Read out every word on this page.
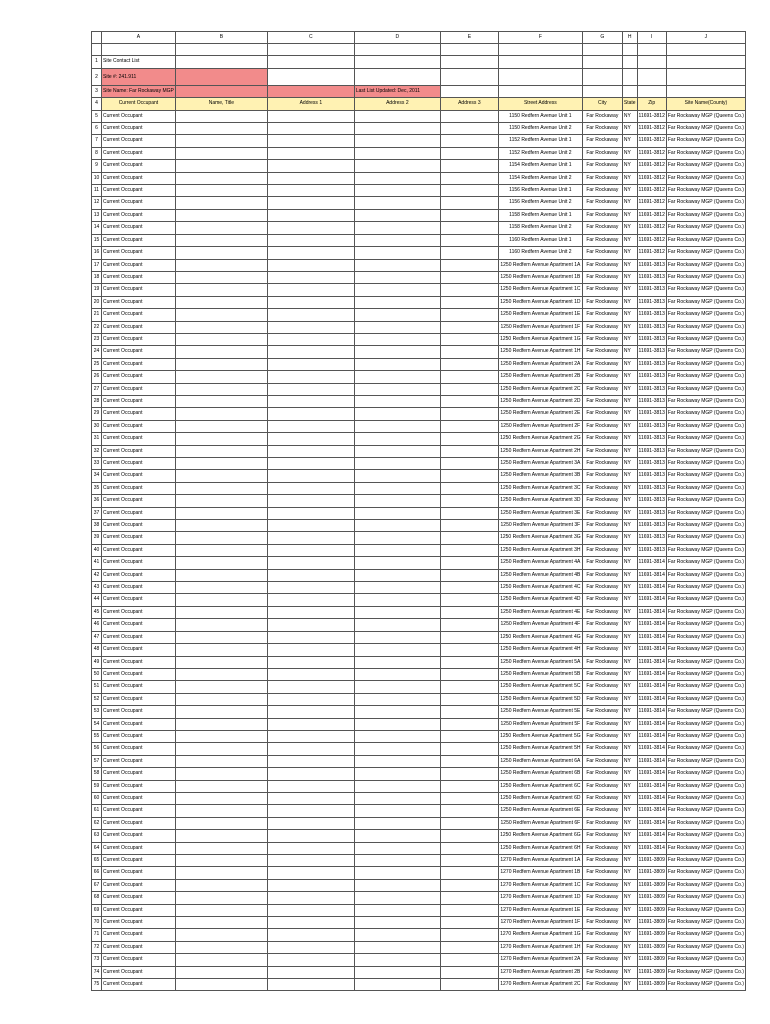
	A	B	C	D	E	F	G	H	I	J

1	Site Contact List									
2	Site #: 241.911									
3	Site Name: Far Rockaway MGP			Last List Updated: Dec, 2011						
4	Current Occupant	Name, Title	Address 1	Address 2	Address 3	Street Address	City	State	Zip	Site Name(County)
5	Current Occupant					1150 Redfern Avenue Unit 1	Far Rockaway	NY	11691-3812	Far Rockaway MGP (Queens Co.)
6	Current Occupant					1150 Redfern Avenue Unit 2	Far Rockaway	NY	11691-3812	Far Rockaway MGP (Queens Co.)
7	Current Occupant					1152 Redfern Avenue Unit 1	Far Rockaway	NY	11691-3812	Far Rockaway MGP (Queens Co.)
8	Current Occupant					1152 Redfern Avenue Unit 2	Far Rockaway	NY	11691-3812	Far Rockaway MGP (Queens Co.)
9	Current Occupant					1154 Redfern Avenue Unit 1	Far Rockaway	NY	11691-3812	Far Rockaway MGP (Queens Co.)
10	Current Occupant					1154 Redfern Avenue Unit 2	Far Rockaway	NY	11691-3812	Far Rockaway MGP (Queens Co.)
11	Current Occupant					1156 Redfern Avenue Unit 1	Far Rockaway	NY	11691-3812	Far Rockaway MGP (Queens Co.)
12	Current Occupant					1156 Redfern Avenue Unit 2	Far Rockaway	NY	11691-3812	Far Rockaway MGP (Queens Co.)
13	Current Occupant					1158 Redfern Avenue Unit 1	Far Rockaway	NY	11691-3812	Far Rockaway MGP (Queens Co.)
14	Current Occupant					1158 Redfern Avenue Unit 2	Far Rockaway	NY	11691-3812	Far Rockaway MGP (Queens Co.)
15	Current Occupant					1160 Redfern Avenue Unit 1	Far Rockaway	NY	11691-3812	Far Rockaway MGP (Queens Co.)
16	Current Occupant					1160 Redfern Avenue Unit 2	Far Rockaway	NY	11691-3812	Far Rockaway MGP (Queens Co.)
17	Current Occupant					1250 Redfern Avenue Apartment 1A	Far Rockaway	NY	11691-3813	Far Rockaway MGP (Queens Co.)
18	Current Occupant					1250 Redfern Avenue Apartment 1B	Far Rockaway	NY	11691-3813	Far Rockaway MGP (Queens Co.)
19	Current Occupant					1250 Redfern Avenue Apartment 1C	Far Rockaway	NY	11691-3813	Far Rockaway MGP (Queens Co.)
20	Current Occupant					1250 Redfern Avenue Apartment 1D	Far Rockaway	NY	11691-3813	Far Rockaway MGP (Queens Co.)
21	Current Occupant					1250 Redfern Avenue Apartment 1E	Far Rockaway	NY	11691-3813	Far Rockaway MGP (Queens Co.)
22	Current Occupant					1250 Redfern Avenue Apartment 1F	Far Rockaway	NY	11691-3813	Far Rockaway MGP (Queens Co.)
23	Current Occupant					1250 Redfern Avenue Apartment 1G	Far Rockaway	NY	11691-3813	Far Rockaway MGP (Queens Co.)
24	Current Occupant					1250 Redfern Avenue Apartment 1H	Far Rockaway	NY	11691-3813	Far Rockaway MGP (Queens Co.)
25	Current Occupant					1250 Redfern Avenue Apartment 2A	Far Rockaway	NY	11691-3813	Far Rockaway MGP (Queens Co.)
26	Current Occupant					1250 Redfern Avenue Apartment 2B	Far Rockaway	NY	11691-3813	Far Rockaway MGP (Queens Co.)
27	Current Occupant					1250 Redfern Avenue Apartment 2C	Far Rockaway	NY	11691-3813	Far Rockaway MGP (Queens Co.)
28	Current Occupant					1250 Redfern Avenue Apartment 2D	Far Rockaway	NY	11691-3813	Far Rockaway MGP (Queens Co.)
29	Current Occupant					1250 Redfern Avenue Apartment 2E	Far Rockaway	NY	11691-3813	Far Rockaway MGP (Queens Co.)
30	Current Occupant					1250 Redfern Avenue Apartment 2F	Far Rockaway	NY	11691-3813	Far Rockaway MGP (Queens Co.)
31	Current Occupant					1250 Redfern Avenue Apartment 2G	Far Rockaway	NY	11691-3813	Far Rockaway MGP (Queens Co.)
32	Current Occupant					1250 Redfern Avenue Apartment 2H	Far Rockaway	NY	11691-3813	Far Rockaway MGP (Queens Co.)
33	Current Occupant					1250 Redfern Avenue Apartment 3A	Far Rockaway	NY	11691-3813	Far Rockaway MGP (Queens Co.)
34	Current Occupant					1250 Redfern Avenue Apartment 3B	Far Rockaway	NY	11691-3813	Far Rockaway MGP (Queens Co.)
35	Current Occupant					1250 Redfern Avenue Apartment 3C	Far Rockaway	NY	11691-3813	Far Rockaway MGP (Queens Co.)
36	Current Occupant					1250 Redfern Avenue Apartment 3D	Far Rockaway	NY	11691-3813	Far Rockaway MGP (Queens Co.)
37	Current Occupant					1250 Redfern Avenue Apartment 3E	Far Rockaway	NY	11691-3813	Far Rockaway MGP (Queens Co.)
38	Current Occupant					1250 Redfern Avenue Apartment 3F	Far Rockaway	NY	11691-3813	Far Rockaway MGP (Queens Co.)
39	Current Occupant					1250 Redfern Avenue Apartment 3G	Far Rockaway	NY	11691-3813	Far Rockaway MGP (Queens Co.)
40	Current Occupant					1250 Redfern Avenue Apartment 3H	Far Rockaway	NY	11691-3813	Far Rockaway MGP (Queens Co.)
41	Current Occupant					1250 Redfern Avenue Apartment 4A	Far Rockaway	NY	11691-3814	Far Rockaway MGP (Queens Co.)
42	Current Occupant					1250 Redfern Avenue Apartment 4B	Far Rockaway	NY	11691-3814	Far Rockaway MGP (Queens Co.)
43	Current Occupant					1250 Redfern Avenue Apartment 4C	Far Rockaway	NY	11691-3814	Far Rockaway MGP (Queens Co.)
44	Current Occupant					1250 Redfern Avenue Apartment 4D	Far Rockaway	NY	11691-3814	Far Rockaway MGP (Queens Co.)
45	Current Occupant					1250 Redfern Avenue Apartment 4E	Far Rockaway	NY	11691-3814	Far Rockaway MGP (Queens Co.)
46	Current Occupant					1250 Redfern Avenue Apartment 4F	Far Rockaway	NY	11691-3814	Far Rockaway MGP (Queens Co.)
47	Current Occupant					1250 Redfern Avenue Apartment 4G	Far Rockaway	NY	11691-3814	Far Rockaway MGP (Queens Co.)
48	Current Occupant					1250 Redfern Avenue Apartment 4H	Far Rockaway	NY	11691-3814	Far Rockaway MGP (Queens Co.)
49	Current Occupant					1250 Redfern Avenue Apartment 5A	Far Rockaway	NY	11691-3814	Far Rockaway MGP (Queens Co.)
50	Current Occupant					1250 Redfern Avenue Apartment 5B	Far Rockaway	NY	11691-3814	Far Rockaway MGP (Queens Co.)
51	Current Occupant					1250 Redfern Avenue Apartment 5C	Far Rockaway	NY	11691-3814	Far Rockaway MGP (Queens Co.)
52	Current Occupant					1250 Redfern Avenue Apartment 5D	Far Rockaway	NY	11691-3814	Far Rockaway MGP (Queens Co.)
53	Current Occupant					1250 Redfern Avenue Apartment 5E	Far Rockaway	NY	11691-3814	Far Rockaway MGP (Queens Co.)
54	Current Occupant					1250 Redfern Avenue Apartment 5F	Far Rockaway	NY	11691-3814	Far Rockaway MGP (Queens Co.)
55	Current Occupant					1250 Redfern Avenue Apartment 5G	Far Rockaway	NY	11691-3814	Far Rockaway MGP (Queens Co.)
56	Current Occupant					1250 Redfern Avenue Apartment 5H	Far Rockaway	NY	11691-3814	Far Rockaway MGP (Queens Co.)
57	Current Occupant					1250 Redfern Avenue Apartment 6A	Far Rockaway	NY	11691-3814	Far Rockaway MGP (Queens Co.)
58	Current Occupant					1250 Redfern Avenue Apartment 6B	Far Rockaway	NY	11691-3814	Far Rockaway MGP (Queens Co.)
59	Current Occupant					1250 Redfern Avenue Apartment 6C	Far Rockaway	NY	11691-3814	Far Rockaway MGP (Queens Co.)
60	Current Occupant					1250 Redfern Avenue Apartment 6D	Far Rockaway	NY	11691-3814	Far Rockaway MGP (Queens Co.)
61	Current Occupant					1250 Redfern Avenue Apartment 6E	Far Rockaway	NY	11691-3814	Far Rockaway MGP (Queens Co.)
62	Current Occupant					1250 Redfern Avenue Apartment 6F	Far Rockaway	NY	11691-3814	Far Rockaway MGP (Queens Co.)
63	Current Occupant					1250 Redfern Avenue Apartment 6G	Far Rockaway	NY	11691-3814	Far Rockaway MGP (Queens Co.)
64	Current Occupant					1250 Redfern Avenue Apartment 6H	Far Rockaway	NY	11691-3814	Far Rockaway MGP (Queens Co.)
65	Current Occupant					1270 Redfern Avenue Apartment 1A	Far Rockaway	NY	11691-3809	Far Rockaway MGP (Queens Co.)
66	Current Occupant					1270 Redfern Avenue Apartment 1B	Far Rockaway	NY	11691-3809	Far Rockaway MGP (Queens Co.)
67	Current Occupant					1270 Redfern Avenue Apartment 1C	Far Rockaway	NY	11691-3809	Far Rockaway MGP (Queens Co.)
68	Current Occupant					1270 Redfern Avenue Apartment 1D	Far Rockaway	NY	11691-3809	Far Rockaway MGP (Queens Co.)
69	Current Occupant					1270 Redfern Avenue Apartment 1E	Far Rockaway	NY	11691-3809	Far Rockaway MGP (Queens Co.)
70	Current Occupant					1270 Redfern Avenue Apartment 1F	Far Rockaway	NY	11691-3809	Far Rockaway MGP (Queens Co.)
71	Current Occupant					1270 Redfern Avenue Apartment 1G	Far Rockaway	NY	11691-3809	Far Rockaway MGP (Queens Co.)
72	Current Occupant					1270 Redfern Avenue Apartment 1H	Far Rockaway	NY	11691-3809	Far Rockaway MGP (Queens Co.)
73	Current Occupant					1270 Redfern Avenue Apartment 2A	Far Rockaway	NY	11691-3809	Far Rockaway MGP (Queens Co.)
74	Current Occupant					1270 Redfern Avenue Apartment 2B	Far Rockaway	NY	11691-3809	Far Rockaway MGP (Queens Co.)
75	Current Occupant					1270 Redfern Avenue Apartment 2C	Far Rockaway	NY	11691-3809	Far Rockaway MGP (Queens Co.)
